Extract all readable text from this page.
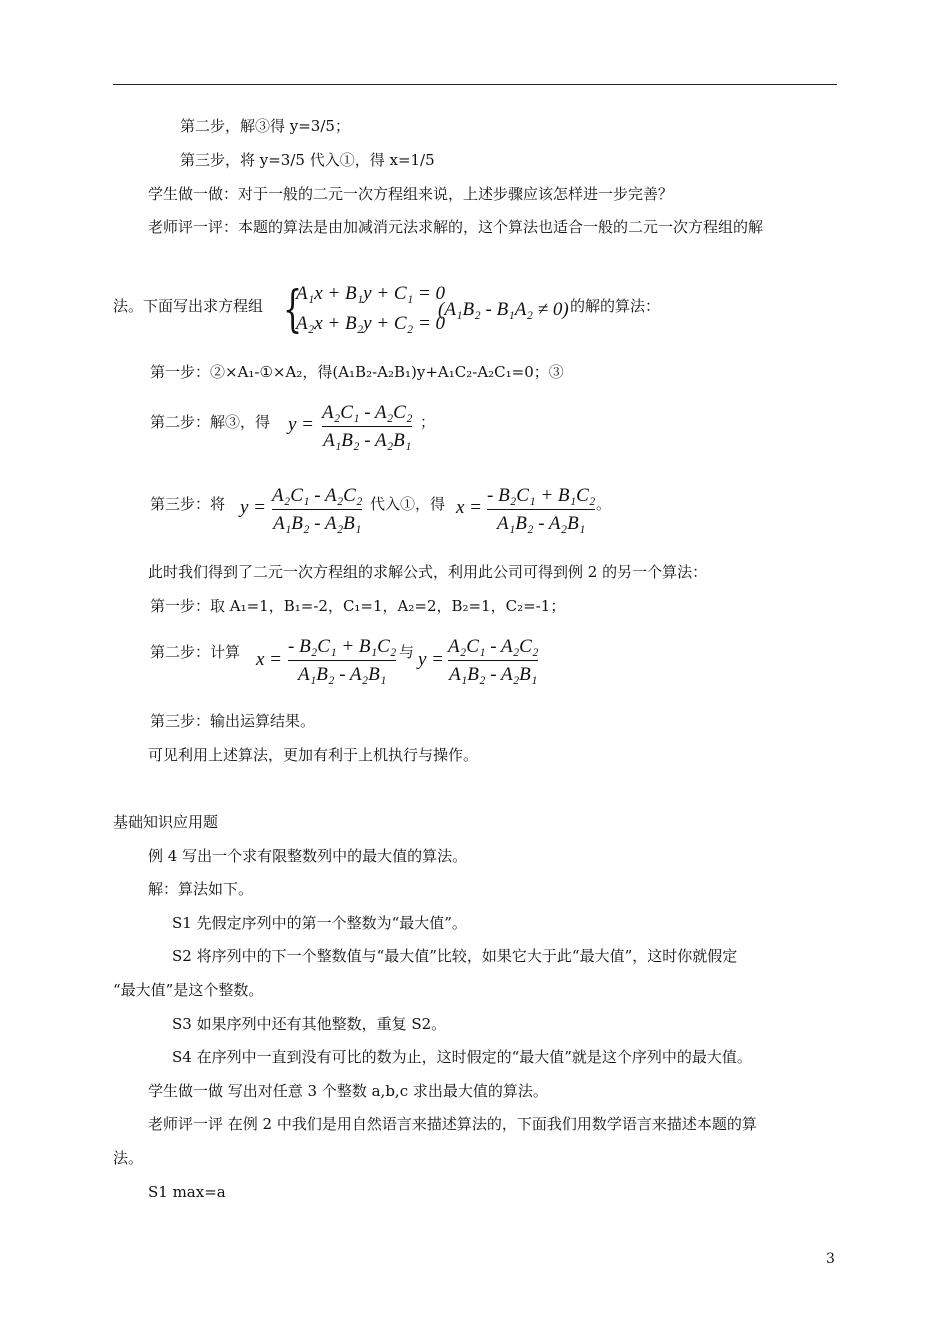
第二步，解③得 y=3/5；
第三步，将 y=3/5 代入①，得 x=1/5
学生做一做：对于一般的二元一次方程组来说，上述步骤应该怎样进一步完善？
老师评一评：本题的算法是由加减消元法求解的，这个算法也适合一般的二元一次方程组的解
法。下面写出求方程组 {
A₁x + B₁y + C₁ = 0
A₂x + B₂y + C₂ = 0
(A₁B₂ - B₁A₂ ≠ 0) 的解的算法：
第一步：②×A₁-①×A₂，得(A₁B₂-A₂B₁)y+A₁C₂-A₂C₁=0；③
第二步：解③，得 y =
A₂C₁ - A₂C₂
A₁B₂ - A₂B₁
；
第三步：将 y =
A₂C₁ - A₂C₂
A₁B₂ - A₂B₁
代入①，得 x =
- B₂C₁ + B₁C₂
A₁B₂ - A₂B₁
。
此时我们得到了二元一次方程组的求解公式，利用此公司可得到例 2 的另一个算法：
第一步：取 A₁=1，B₁=-2，C₁=1，A₂=2，B₂=1，C₂=-1；
第二步：计算 x =
- B₂C₁ + B₁C₂
A₁B₂ - A₂B₁
与 y =
A₂C₁ - A₂C₂
A₁B₂ - A₂B₁
第三步：输出运算结果。
可见利用上述算法，更加有利于上机执行与操作。
基础知识应用题
例 4 写出一个求有限整数列中的最大值的算法。
解：算法如下。
S1 先假定序列中的第一个整数为“最大值”。
S2 将序列中的下一个整数值与“最大值”比较，如果它大于此“最大值”，这时你就假定
“最大值”是这个整数。
S3 如果序列中还有其他整数，重复 S2。
S4 在序列中一直到没有可比的数为止，这时假定的“最大值”就是这个序列中的最大值。
学生做一做 写出对任意 3 个整数 a,b,c 求出最大值的算法。
老师评一评 在例 2 中我们是用自然语言来描述算法的，下面我们用数学语言来描述本题的算
法。
S1 max=a
3
